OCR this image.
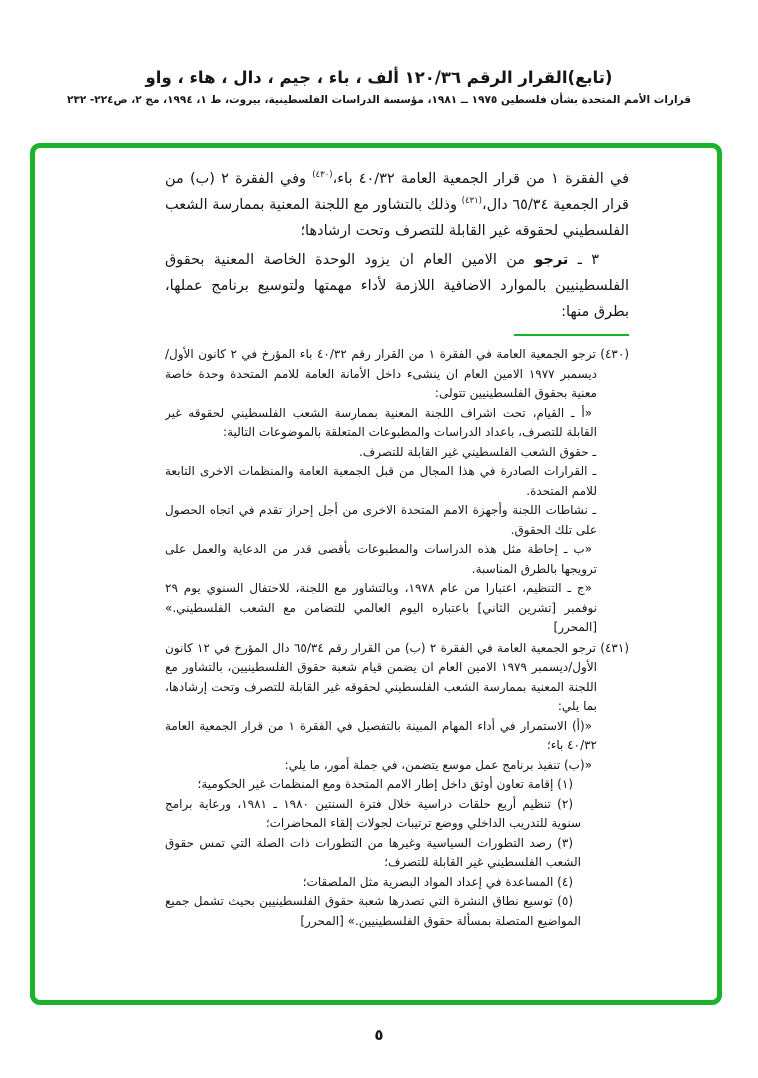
(تابع)القرار الرقم ١٢٠/٣٦ ألف ، باء ، جيم ، دال ، هاء ، واو
قرارات الأمم المتحدة بشأن فلسطين ١٩٧٥ ــ ١٩٨١، مؤسسة الدراسات الفلسطينية، بيروت، ط ١، ١٩٩٤، مج ٢، ص٢٢٤- ٢٣٢
في الفقرة ١ من قرار الجمعية العامة ٤٠/٣٢ باء،$^{(٤٣٠)}$ وفي الفقرة ٢ (ب) من قرار الجمعية ٦٥/٣٤ دال،$^{(٤٣١)}$ وذلك بالتشاور مع اللجنة المعنية بممارسة الشعب الفلسطيني لحقوقه غير القابلة للتصرف وتحت ارشادها؛
٣ ـ ترجو من الامين العام ان يزود الوحدة الخاصة المعنية بحقوق الفلسطينيين بالموارد الاضافية اللازمة لأداء مهمتها ولتوسيع برنامج عملها، بطرق منها:
(٤٣٠) ترجو الجمعية العامة في الفقرة ١ من القرار رقم ٤٠/٣٢ باء المؤرخ في ٢ كانون الأول/ديسمبر ١٩٧٧ الامين العام ان ينشىء داخل الأمانة العامة للامم المتحدة وحدة خاصة معنية بحقوق الفلسطينيين تتولى:
«أ ـ القيام، تحت اشراف اللجنة المعنية بممارسة الشعب الفلسطيني لحقوقه غير القابلة للتصرف، باعداد الدراسات والمطبوعات المتعلقة بالموضوعات التالية:
ـ حقوق الشعب الفلسطيني غير القابلة للتصرف.
ـ القرارات الصادرة في هذا المجال من قبل الجمعية العامة والمنظمات الاخرى التابعة للامم المتحدة.
ـ نشاطات اللجنة وأجهزة الامم المتحدة الاخرى من أجل إحراز تقدم في اتجاه الحصول على تلك الحقوق.
«ب ـ إحاطة مثل هذه الدراسات والمطبوعات بأقصى قدر من الدعاية والعمل على ترويجها بالطرق المناسبة.
«ج ـ التنظيم، اعتبارا من عام ١٩٧٨، وبالتشاور مع اللجنة، للاحتفال السنوي يوم ٢٩ نوفمبر [تشرين الثاني] باعتباره اليوم العالمي للتضامن مع الشعب الفلسطيني.» [المحرر]
(٤٣١) ترجو الجمعية العامة في الفقرة ٢ (ب) من القرار رقم ٦٥/٣٤ دال المؤرخ في ١٢ كانون الأول/ديسمبر ١٩٧٩ الامين العام ان يضمن قيام شعبة حقوق الفلسطينيين، بالتشاور مع اللجنة المعنية بممارسة الشعب الفلسطيني لحقوقه غير القابلة للتصرف وتحت إرشادها، بما يلي:
«(أ) الاستمرار في أداء المهام المبينة بالتفصيل في الفقرة ١ من قرار الجمعية العامة ٤٠/٣٢ باء؛
«(ب) تنفيذ برنامج عمل موسع يتضمن، في جملة أمور، ما يلي:
(١) إقامة تعاون أوثق داخل إطار الامم المتحدة ومع المنظمات غير الحكومية؛
(٢) تنظيم أربع حلقات دراسية خلال فترة السنتين ١٩٨٠ ـ ١٩٨١، ورعاية برامج سنوية للتدريب الداخلي ووضع ترتيبات لجولات إلقاء المحاضرات؛
(٣) رصد التطورات السياسية وغيرها من التطورات ذات الصلة التي تمس حقوق الشعب الفلسطيني غير القابلة للتصرف؛
(٤) المساعدة في إعداد المواد البصرية مثل الملصقات؛
(٥) توسيع نطاق النشرة التي تصدرها شعبة حقوق الفلسطينيين بحيث تشمل جميع المواضيع المتصلة بمسألة حقوق الفلسطينيين.» [المحرر]
٥
